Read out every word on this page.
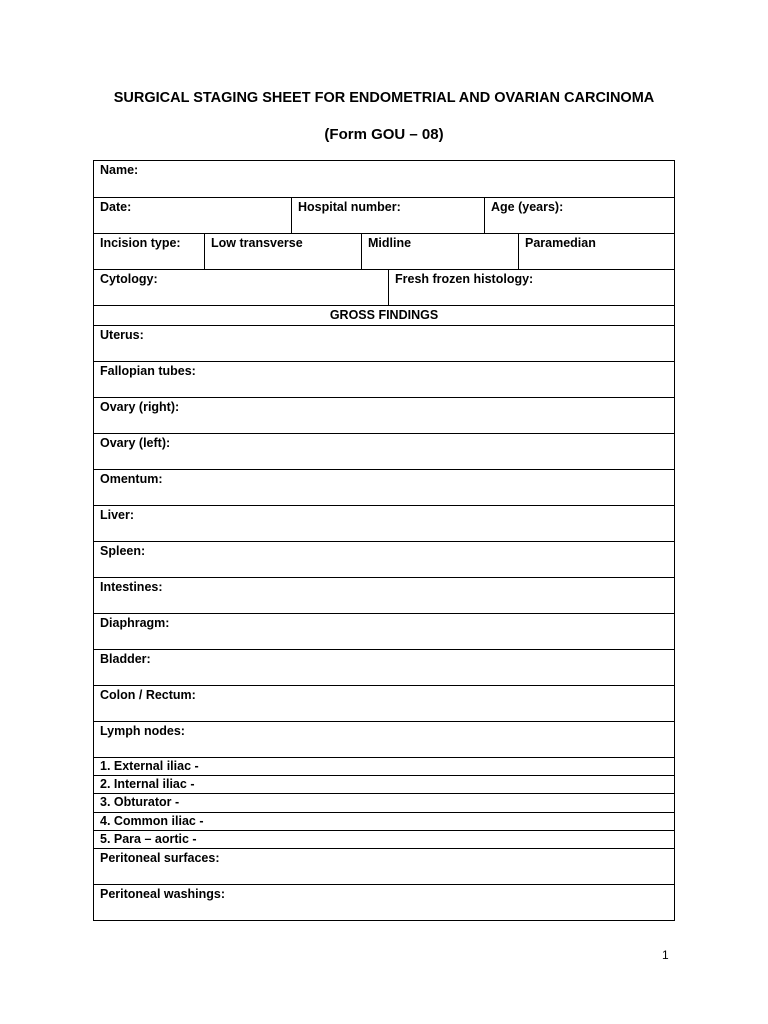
SURGICAL STAGING SHEET FOR ENDOMETRIAL AND OVARIAN CARCINOMA
(Form GOU – 08)
Name:
Date:	Hospital number:	Age (years):
Incision type:	Low transverse	Midline	Paramedian
Cytology:	Fresh frozen histology:
GROSS FINDINGS
Uterus:
Fallopian tubes:
Ovary (right):
Ovary (left):
Omentum:
Liver:
Spleen:
Intestines:
Diaphragm:
Bladder:
Colon / Rectum:
Lymph nodes:
1. External iliac -
2. Internal iliac -
3. Obturator -
4. Common iliac -
5. Para – aortic -
Peritoneal surfaces:
Peritoneal washings:
1
